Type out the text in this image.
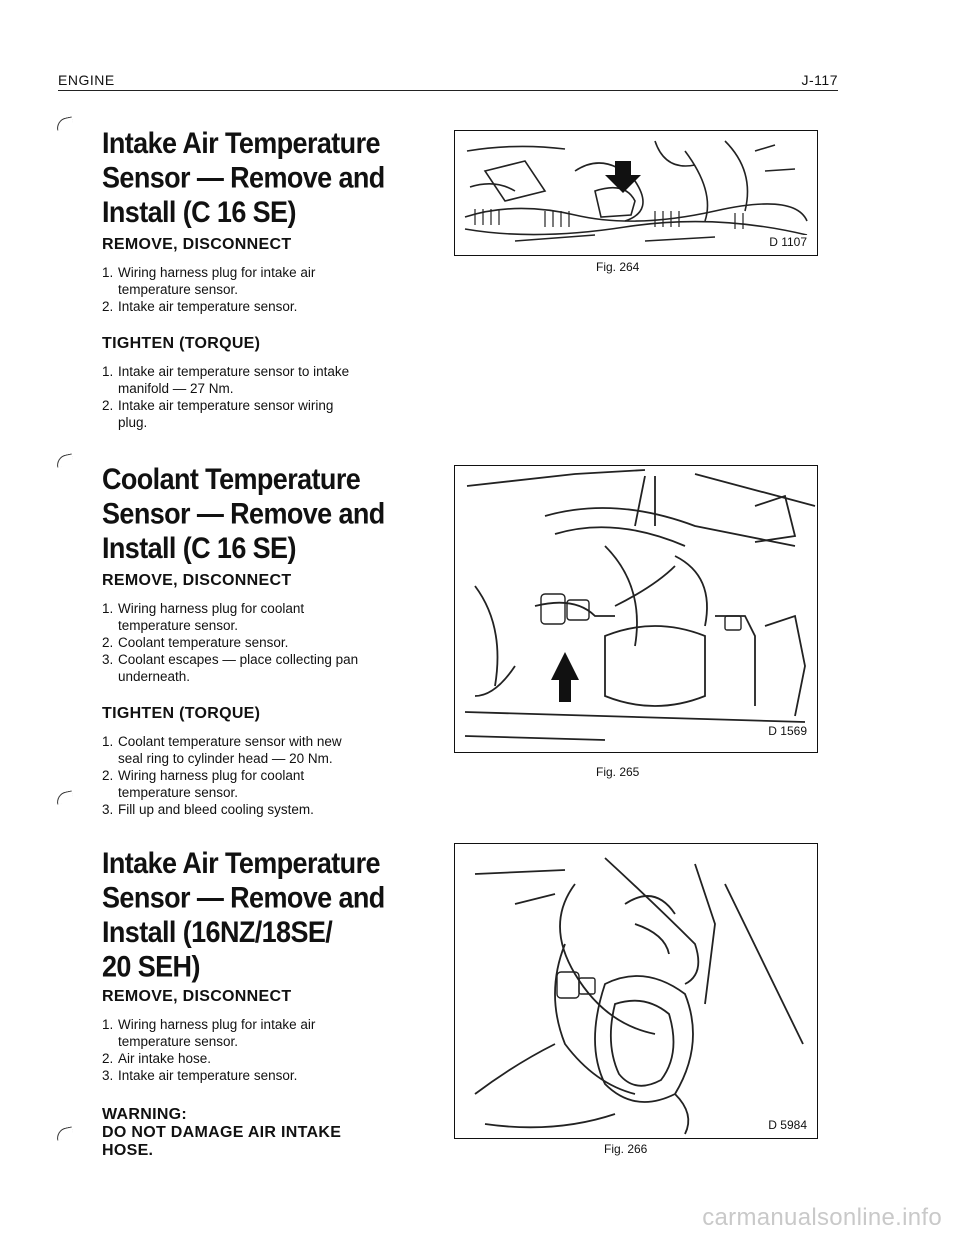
ENGINE	J-117
Intake Air Temperature
Sensor — Remove and
Install (C 16 SE)
REMOVE, DISCONNECT
1. Wiring harness plug for intake air
temperature sensor.
2. Intake air temperature sensor.
TIGHTEN (TORQUE)
1. Intake air temperature sensor to intake
manifold — 27 Nm.
2. Intake air temperature sensor wiring
plug.
Coolant Temperature
Sensor — Remove and
Install (C 16 SE)
REMOVE, DISCONNECT
1. Wiring harness plug for coolant
temperature sensor.
2. Coolant temperature sensor.
3. Coolant escapes — place collecting pan
underneath.
TIGHTEN (TORQUE)
1. Coolant temperature sensor with new
seal ring to cylinder head — 20 Nm.
2. Wiring harness plug for coolant
temperature sensor.
3. Fill up and bleed cooling system.
Intake Air Temperature
Sensor — Remove and
Install (16NZ/18SE/
20 SEH)
REMOVE, DISCONNECT
1. Wiring harness plug for intake air
temperature sensor.
2. Air intake hose.
3. Intake air temperature sensor.
WARNING:
DO NOT DAMAGE AIR INTAKE
HOSE.
D 1107
Fig. 264
D 1569
Fig. 265
D 5984
Fig. 266
carmanualsonline.info
